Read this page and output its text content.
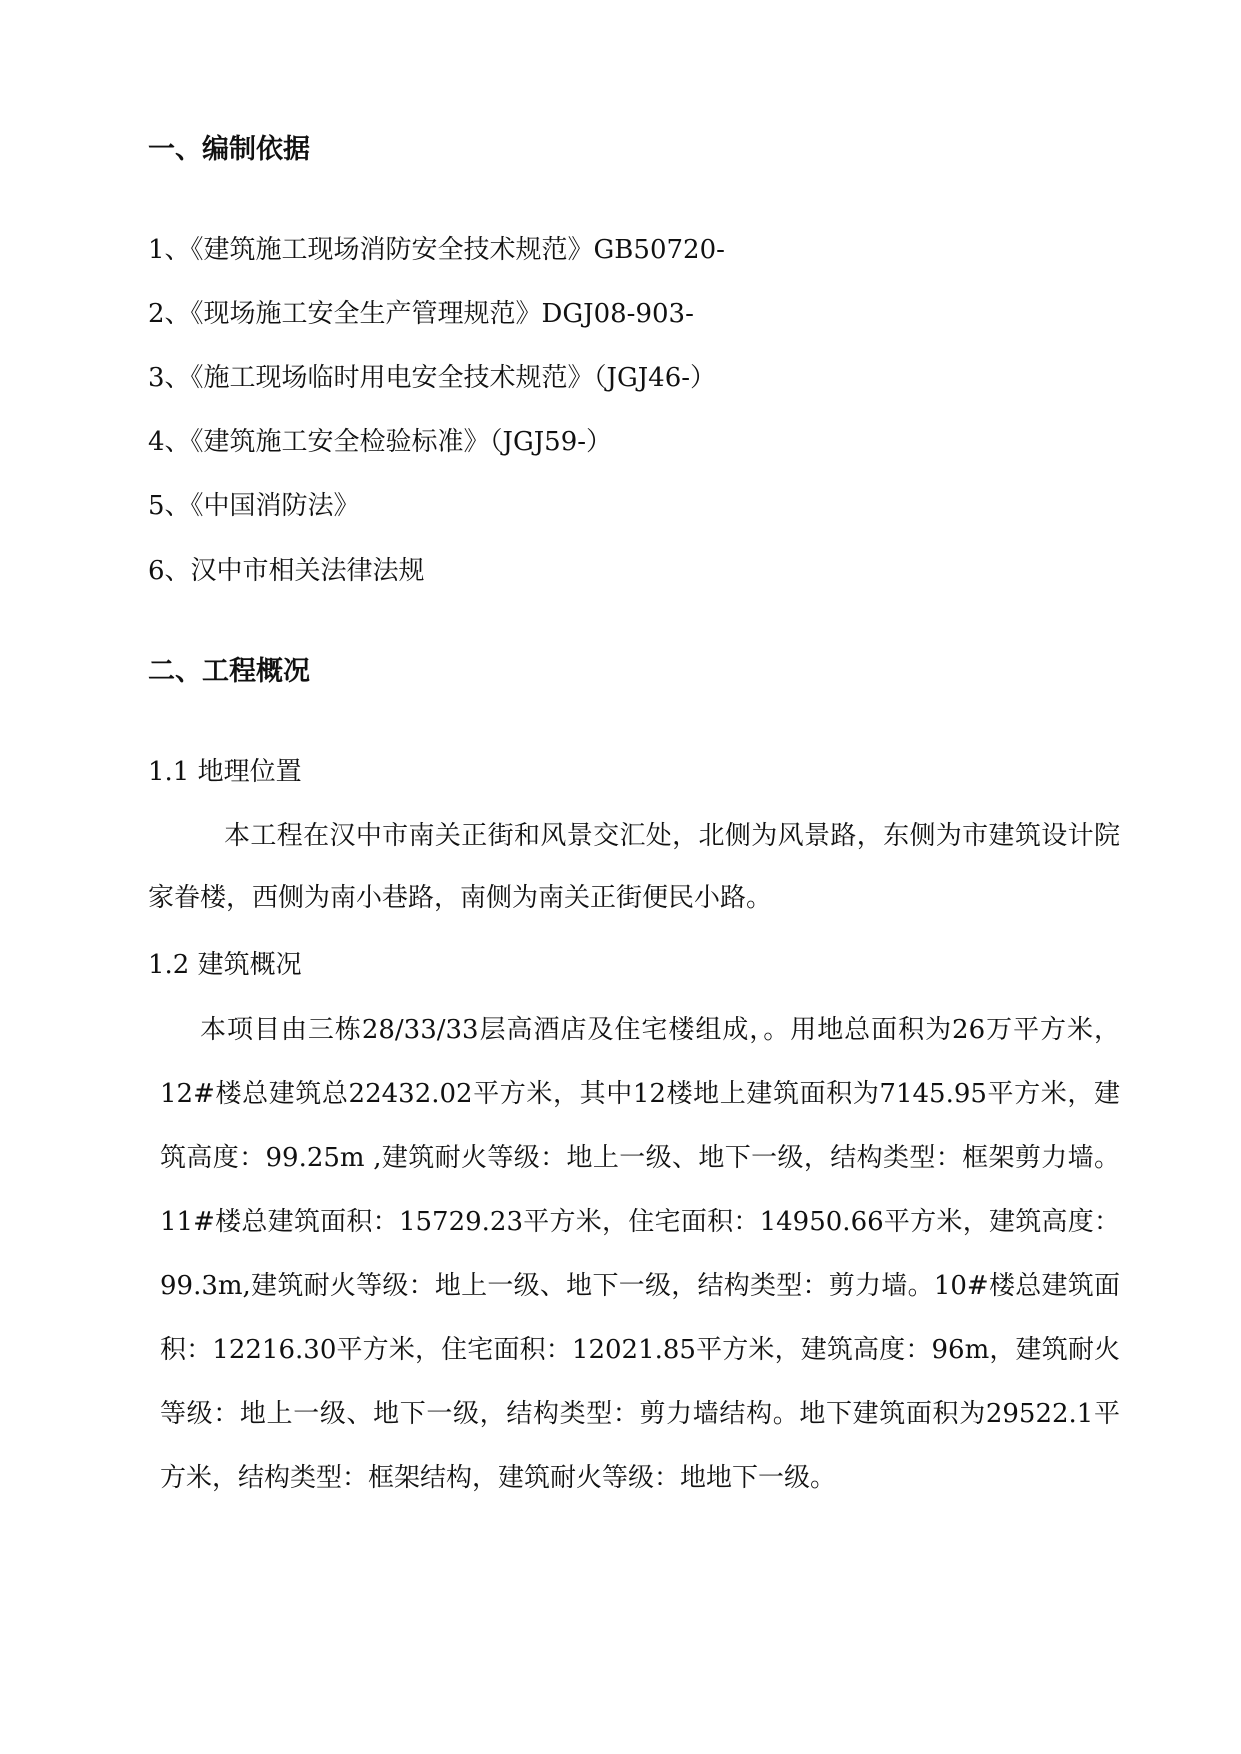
一、编制依据
1、《建筑施工现场消防安全技术规范》GB50720-
2、《现场施工安全生产管理规范》DGJ08-903-
3、《施工现场临时用电安全技术规范》（JGJ46-）
4、《建筑施工安全检验标准》（JGJ59-）
5、《中国消防法》
6、汉中市相关法律法规
二、工程概况
1.1 地理位置
本工程在汉中市南关正街和风景交汇处，北侧为风景路，东侧为市建筑设计院家眷楼，西侧为南小巷路，南侧为南关正街便民小路。
1.2 建筑概况
本项目由三栋28/33/33层高酒店及住宅楼组成，。用地总面积为26万平方米，12#楼总建筑总22432.02平方米，其中12楼地上建筑面积为7145.95平方米，建筑高度：99.25m ,建筑耐火等级：地上一级、地下一级，结构类型：框架剪力墙。11#楼总建筑面积：15729.23平方米，住宅面积：14950.66平方米，建筑高度：99.3m,建筑耐火等级：地上一级、地下一级，结构类型：剪力墙。10#楼总建筑面积：12216.30平方米，住宅面积：12021.85平方米，建筑高度：96m，建筑耐火等级：地上一级、地下一级，结构类型：剪力墙结构。地下建筑面积为29522.1平方米，结构类型：框架结构，建筑耐火等级：地地下一级。
